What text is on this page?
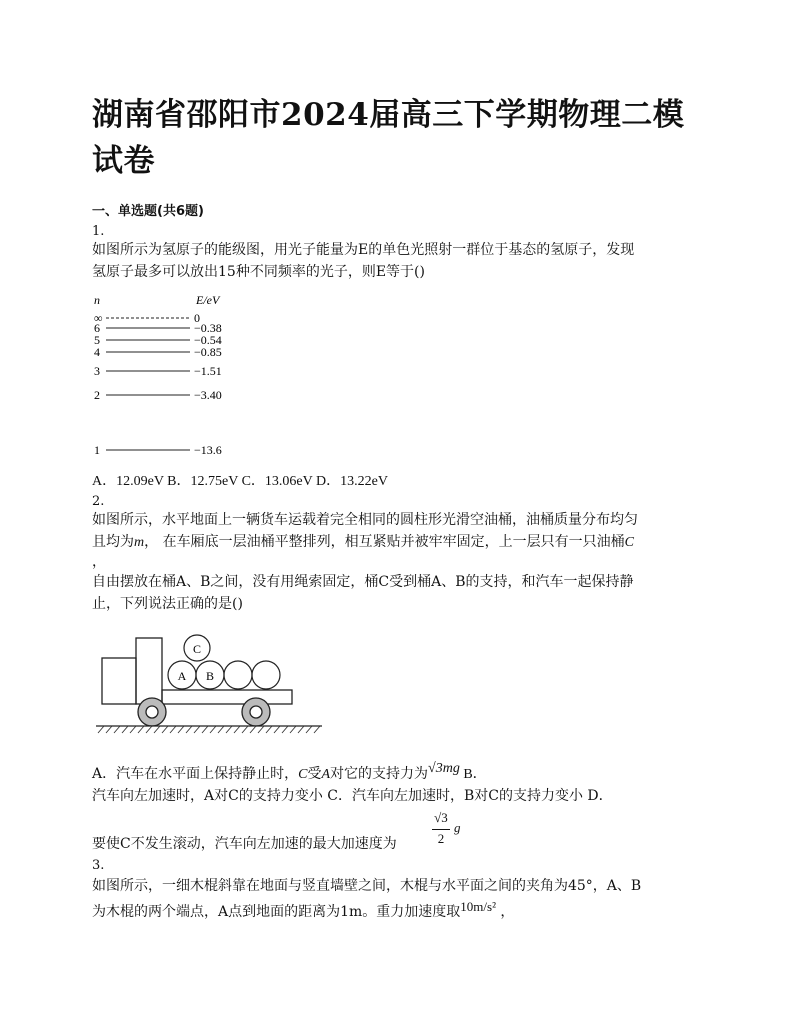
湖南省邵阳市2024届高三下学期物理二模试卷
一、单选题(共6题)
1.
如图所示为氢原子的能级图，用光子能量为E的单色光照射一群位于基态的氢原子，发现
氢原子最多可以放出15种不同频率的光子，则E等于()
n	E/eV
∞	0
6	−0.38
5	−0.54
4	−0.85
3	−1.51
2	−3.40
1	−13.6
A．12.09eV B．12.75eV C．13.06eV D．13.22eV
2.
如图所示，水平地面上一辆货车运载着完全相同的圆柱形光滑空油桶，油桶质量分布均匀
且均为m， 在车厢底一层油桶平整排列，相互紧贴并被牢牢固定，上一层只有一只油桶C
，
自由摆放在桶A、B之间，没有用绳索固定，桶C受到桶A、B的支持，和汽车一起保持静
止，下列说法正确的是()
C
A B
A．汽车在水平面上保持静止时，C受A对它的支持力为√3mg B．
汽车向左加速时，A对C的支持力变小 C．汽车向左加速时，B对C的支持力变小 D．
要使C不发生滚动，汽车向左加速的最大加速度为
√3
2
g
3.
如图所示，一细木棍斜靠在地面与竖直墙壁之间，木棍与水平面之间的夹角为45°，A、B
为木棍的两个端点，A点到地面的距离为1m。重力加速度取10m/s² ，
